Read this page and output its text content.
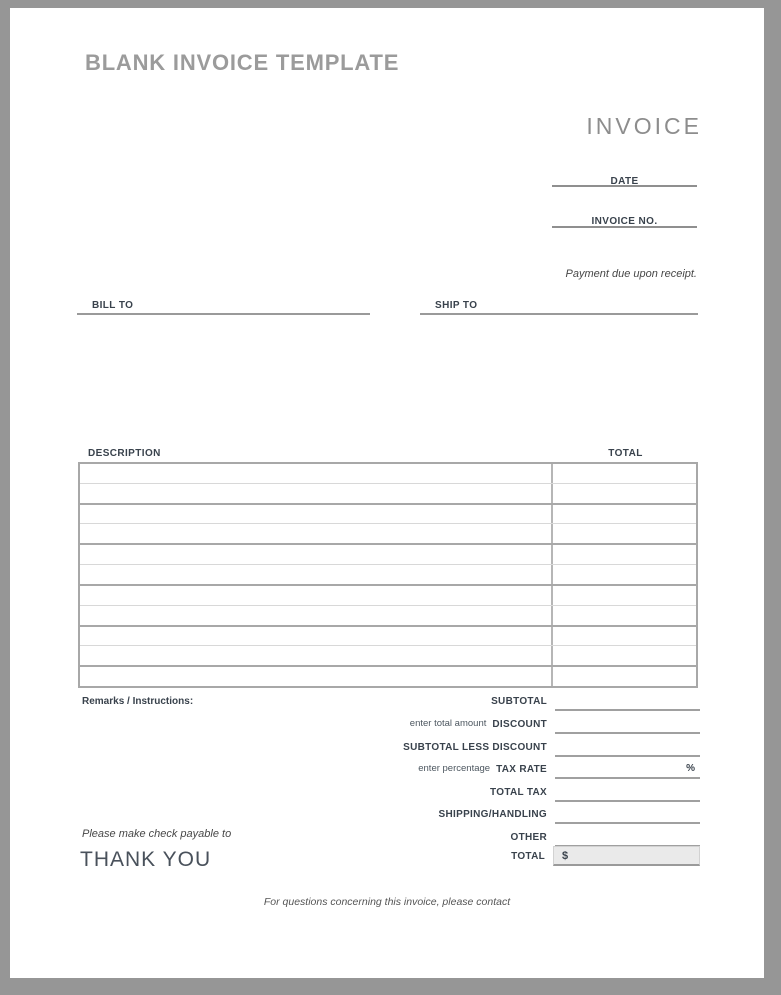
BLANK INVOICE TEMPLATE
INVOICE
DATE
INVOICE NO.
Payment due upon receipt.
BILL TO	SHIP TO
DESCRIPTION	TOTAL
Remarks / Instructions:	SUBTOTAL
enter total amount DISCOUNT
SUBTOTAL LESS DISCOUNT
enter percentage TAX RATE	%
TOTAL TAX
SHIPPING/HANDLING
OTHER
TOTAL $
Please make check payable to
THANK YOU
For questions concerning this invoice, please contact
